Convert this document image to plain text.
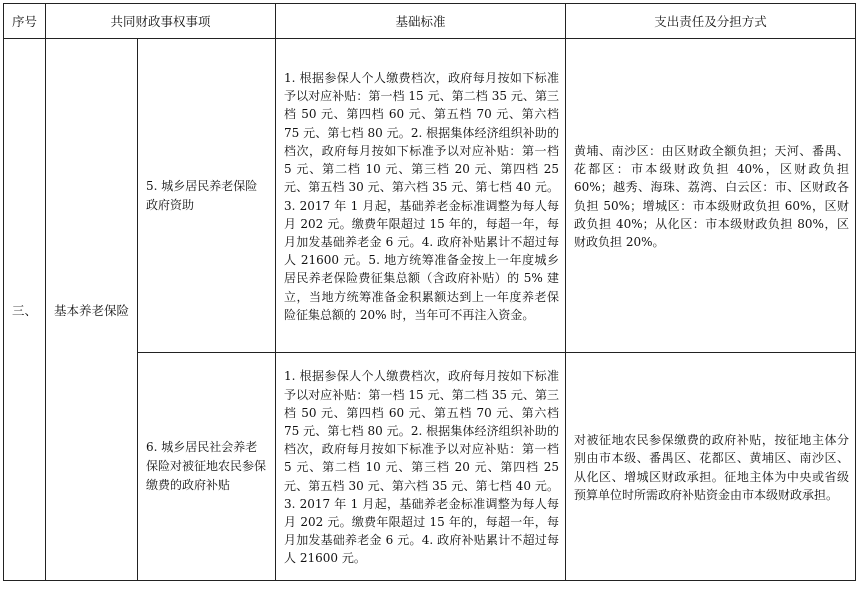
序号	共同财政事权事项		基础标准	支出责任及分担方式
三、	基本养老保险	5. 城乡居民养老保险政府资助	1. 根据参保人个人缴费档次，政府每月按如下标准予以对应补贴：第一档 15 元、第二档 35 元、第三档 50 元、第四档 60 元、第五档 70 元、第六档 75 元、第七档 80 元。2. 根据集体经济组织补助的档次，政府每月按如下标准予以对应补贴：第一档 5 元、第二档 10 元、第三档 20 元、第四档 25 元、第五档 30 元、第六档 35 元、第七档 40 元。3. 2017 年 1 月起，基础养老金标准调整为每人每月 202 元。缴费年限超过 15 年的，每超一年，每月加发基础养老金 6 元。4. 政府补贴累计不超过每人 21600 元。5. 地方统筹准备金按上一年度城乡居民养老保险费征集总额（含政府补贴）的 5% 建立，当地方统筹准备金积累额达到上一年度养老保险征集总额的 20% 时，当年可不再注入资金。	黄埔、南沙区：由区财政全额负担；天河、番禺、花都区：市本级财政负担 40%，区财政负担 60%；越秀、海珠、荔湾、白云区：市、区财政各负担 50%；增城区：市本级财政负担 60%，区财政负担 40%；从化区：市本级财政负担 80%，区财政负担 20%。
		6. 城乡居民社会养老保险对被征地农民参保缴费的政府补贴	1. 根据参保人个人缴费档次，政府每月按如下标准予以对应补贴：第一档 15 元、第二档 35 元、第三档 50 元、第四档 60 元、第五档 70 元、第六档 75 元、第七档 80 元。2. 根据集体经济组织补助的档次，政府每月按如下标准予以对应补贴：第一档 5 元、第二档 10 元、第三档 20 元、第四档 25 元、第五档 30 元、第六档 35 元、第七档 40 元。3. 2017 年 1 月起，基础养老金标准调整为每人每月 202 元。缴费年限超过 15 年的，每超一年，每月加发基础养老金 6 元。4. 政府补贴累计不超过每人 21600 元。	对被征地农民参保缴费的政府补贴，按征地主体分别由市本级、番禺区、花都区、黄埔区、南沙区、从化区、增城区财政承担。征地主体为中央或省级预算单位时所需政府补贴资金由市本级财政承担。
